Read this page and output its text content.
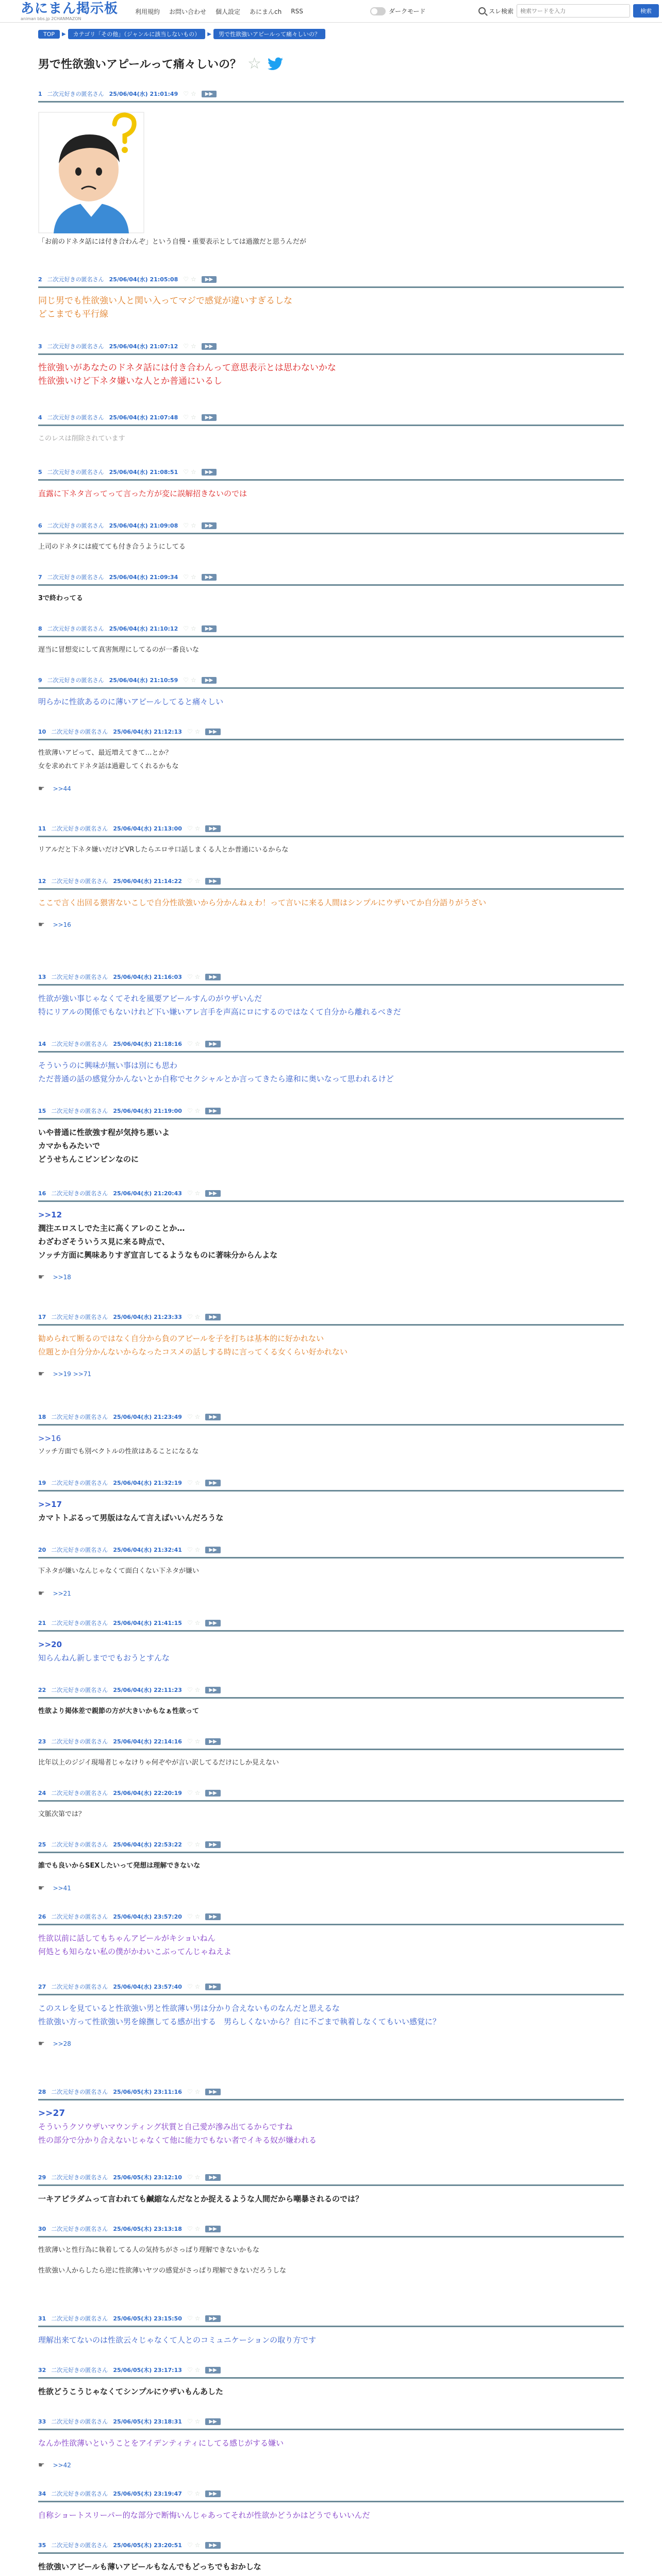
あにまん掲示板
animan bbs.jp 2CHANMAZON
利用規約 お問い合わせ 個人設定 あにまんch RSS	ダークモード	スレ検索
検索ワードを入力	検索
TOP	▶	カテゴリ「その他」（ジャンルに該当しないもの）	▶	男で性欲強いアピールって痛々しいの？
男で性欲強いアピールって痛々しいの？ ☆
1 二次元好きの匿名さん 25/06/04(水) 21:01:49 ♡ ☆	▶▶
「お前のドネタ話には付き合わんぞ」という自慢・重要表示としては過激だと思うんだが
2 二次元好きの匿名さん 25/06/04(水) 21:05:08 ♡ ☆	▶▶
同じ男でも性欲強い人と関い入ってマジで感覚が違いすぎるしな
どこまでも平行線
3 二次元好きの匿名さん 25/06/04(水) 21:07:12 ♡ ☆	▶▶
性欲強いがあなたのドネタ話には付き合わんって意思表示とは思わないかな
性欲強いけど下ネタ嫌いな人とか普通にいるし
4 二次元好きの匿名さん 25/06/04(水) 21:07:48 ♡ ☆	▶▶
このレスは削除されています
5 二次元好きの匿名さん 25/06/04(水) 21:08:51 ♡ ☆	▶▶
直露に下ネタ言ってって言った方が変に誤解招きないのでは
6 二次元好きの匿名さん 25/06/04(水) 21:09:08 ♡ ☆	▶▶
上司のドネタには疲てても付き合うようにしてる
7 二次元好きの匿名さん 25/06/04(水) 21:09:34 ♡ ☆	▶▶
3で終わってる
8 二次元好きの匿名さん 25/06/04(水) 21:10:12 ♡ ☆	▶▶
遅当に冒想変にして真害無理にしてるのが一番良いな
9 二次元好きの匿名さん 25/06/04(水) 21:10:59 ♡ ☆	▶▶
明らかに性欲あるのに薄いアピールしてると痛々しい
10 二次元好きの匿名さん 25/06/04(水) 21:12:13 ♡ ☆	▶▶
性欲薄いアピって、最近増えてきて…とか？
女を求めれてドネタ話は過避してくれるかもな
☛ >>44
11 二次元好きの匿名さん 25/06/04(水) 21:13:00 ♡ ☆	▶▶
リアルだと下ネタ嫌いだけどVRしたらエロサ口話しまくる人とか普通にいるからな
12 二次元好きの匿名さん 25/06/04(水) 21:14:22 ♡ ☆	▶▶
ここで言く出回る猥害ないこしで自分性欲強いから分かんねぇわ！って言いに来る人間はシンプルにウザいてか自分語りがうざい
☛ >>16
13 二次元好きの匿名さん 25/06/04(水) 21:16:03 ♡ ☆	▶▶
性欲が強い事じゃなくてそれを風要アピールすんのがウザいんだ
特にリアルの関係でもないけれど下い嫌いアレ言手を声高にロにするのではなくて自分から離れるべきだ
14 二次元好きの匿名さん 25/06/04(水) 21:18:16 ♡ ☆	▶▶
そういうのに興味が無い事は別にも思わ
ただ普通の話の感覚分かんないとか自称でセクシャルとか言ってきたら違和に奥いなって思われるけど
15 二次元好きの匿名さん 25/06/04(水) 21:19:00 ♡ ☆	▶▶
いや普通に性欲強す程が気持ち悪いよ
カマかもみたいで
どうせちんこビンビンなのに
16 二次元好きの匿名さん 25/06/04(水) 21:20:43 ♡ ☆	▶▶
>>12
潤注エロスしでた主に高くアレのことか…
わざわざそういうス見に来る時点で、
ソッチ方面に興味ありすぎ宣言してるようなものに著味分からんよな
☛ >>18
17 二次元好きの匿名さん 25/06/04(水) 21:23:33 ♡ ☆	▶▶
勧められて断るのではなく自分から負のアピールを子を打ちは基本的に好かれない
位題とか自分分かんないからなったコスメの話しする時に言ってくる女くらい好かれない
☛ >>19 >>71
18 二次元好きの匿名さん 25/06/04(水) 21:23:49 ♡ ☆	▶▶
>>16
ソッチ方面でも別ベクトルの性欲はあることになるな
19 二次元好きの匿名さん 25/06/04(水) 21:32:19 ♡ ☆	▶▶
>>17
カマトトぶるって男版はなんて言えばいいんだろうな
20 二次元好きの匿名さん 25/06/04(水) 21:32:41 ♡ ☆	▶▶
下ネタが嫌いなんじゃなくて面白くない下ネタが嫌い
☛ >>21
21 二次元好きの匿名さん 25/06/04(水) 21:41:15 ♡ ☆	▶▶
>>20
知らんねん新しまででもおうとすんな
22 二次元好きの匿名さん 25/06/04(水) 22:11:23 ♡ ☆	▶▶
性欲より掲体差で親節の方が大きいかもなぁ性欲って
23 二次元好きの匿名さん 25/06/04(水) 22:14:16 ♡ ☆	▶▶
比年以上のジジイ現場者じゃなけりゃ何ぞやが言い訳してるだけにしか見えない
24 二次元好きの匿名さん 25/06/04(水) 22:20:19 ♡ ☆	▶▶
文脈次第では？
25 二次元好きの匿名さん 25/06/04(水) 22:53:22 ♡ ☆	▶▶
誰でも良いからSEXしたいって発想は理解できないな
☛ >>41
26 二次元好きの匿名さん 25/06/04(水) 23:57:20 ♡ ☆	▶▶
性欲以前に話してもちゃんアピールがキショいねん
何処とも知らない私の僕がかわいこぶってんじゃねえよ
27 二次元好きの匿名さん 25/06/04(水) 23:57:40 ♡ ☆	▶▶
このスレを見ていると性欲強い男と性欲薄い男は分かり合えないものなんだと思えるな
性欲強い方って性欲強い男を線撫してる感が出する　男らしくないから？自に不ごまで執着しなくてもいい感覚に？
☛ >>28
28 二次元好きの匿名さん 25/06/05(木) 23:11:16 ♡ ☆	▶▶
>>27
そういうクソウザいマウンティング状質と自己愛が滲み出てるからですね
性の部分で分かり合えないじゃなくて他に能力でもない者でイキる奴が嫌われる
29 二次元好きの匿名さん 25/06/05(木) 23:12:10 ♡ ☆	▶▶
一キアピラダムって言われても鹹縮なんだなとか捉えるような人間だから嘲暴されるのでは？
30 二次元好きの匿名さん 25/06/05(木) 23:13:18 ♡ ☆	▶▶
性欲薄いと性行為に執着してる人の気持ちがさっぱり理解できないかもな
性欲強い人からしたら逆に性欲薄いヤツの感覚がさっぱり理解できないだろうしな
31 二次元好きの匿名さん 25/06/05(木) 23:15:50 ♡ ☆	▶▶
理解出来てないのは性欲云々じゃなくて人とのコミュニケーションの取り方です
32 二次元好きの匿名さん 25/06/05(木) 23:17:13 ♡ ☆	▶▶
性欲どうこうじゃなくてシンプルにウザいもんあした
33 二次元好きの匿名さん 25/06/05(木) 23:18:31 ♡ ☆	▶▶
なんか性欲薄いということをアイデンティティにしてる感じがする嫌い
☛ >>42
34 二次元好きの匿名さん 25/06/05(木) 23:19:47 ♡ ☆	▶▶
自称ショートスリーパー的な部分で断悔いんじゃあってそれが性欲かどうかはどうでもいいんだ
35 二次元好きの匿名さん 25/06/05(木) 23:20:51 ♡ ☆	▶▶
性欲強いアピールも薄いアピールもなんでもどっちでもおかしな
